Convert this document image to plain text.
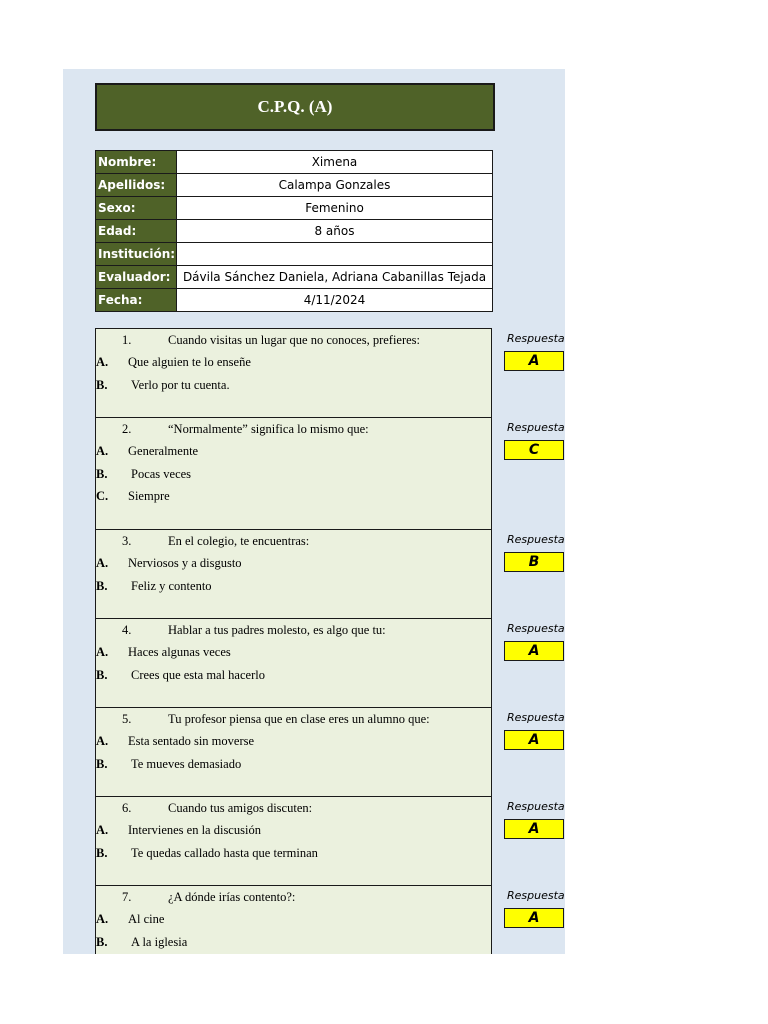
C.P.Q. (A)
Nombre:	Ximena
Apellidos:	Calampa Gonzales
Sexo:	Femenino
Edad:	8 años
Institución:	
Evaluador:	Dávila Sánchez Daniela, Adriana Cabanillas Tejada
Fecha:	4/11/2024
1.	Cuando visitas un lugar que no conoces, prefieres:
A. Que alguien te lo enseñe
B. Verlo por tu cuenta.
Respuesta
A
2.	“Normalmente” significa lo mismo que:
A. Generalmente
B. Pocas veces
C. Siempre
Respuesta
C
3.	En el colegio, te encuentras:
A. Nerviosos y a disgusto
B. Feliz y contento
Respuesta
B
4.	Hablar a tus padres molesto, es algo que tu:
A. Haces algunas veces
B. Crees que esta mal hacerlo
Respuesta
A
5.	Tu profesor piensa que en clase eres un alumno que:
A. Esta sentado sin moverse
B. Te mueves demasiado
Respuesta
A
6.	Cuando tus amigos discuten:
A. Intervienes en la discusión
B. Te quedas callado hasta que terminan
Respuesta
A
7.	¿A dónde irías contento?:
A. Al cine
B. A la iglesia
Respuesta
A
